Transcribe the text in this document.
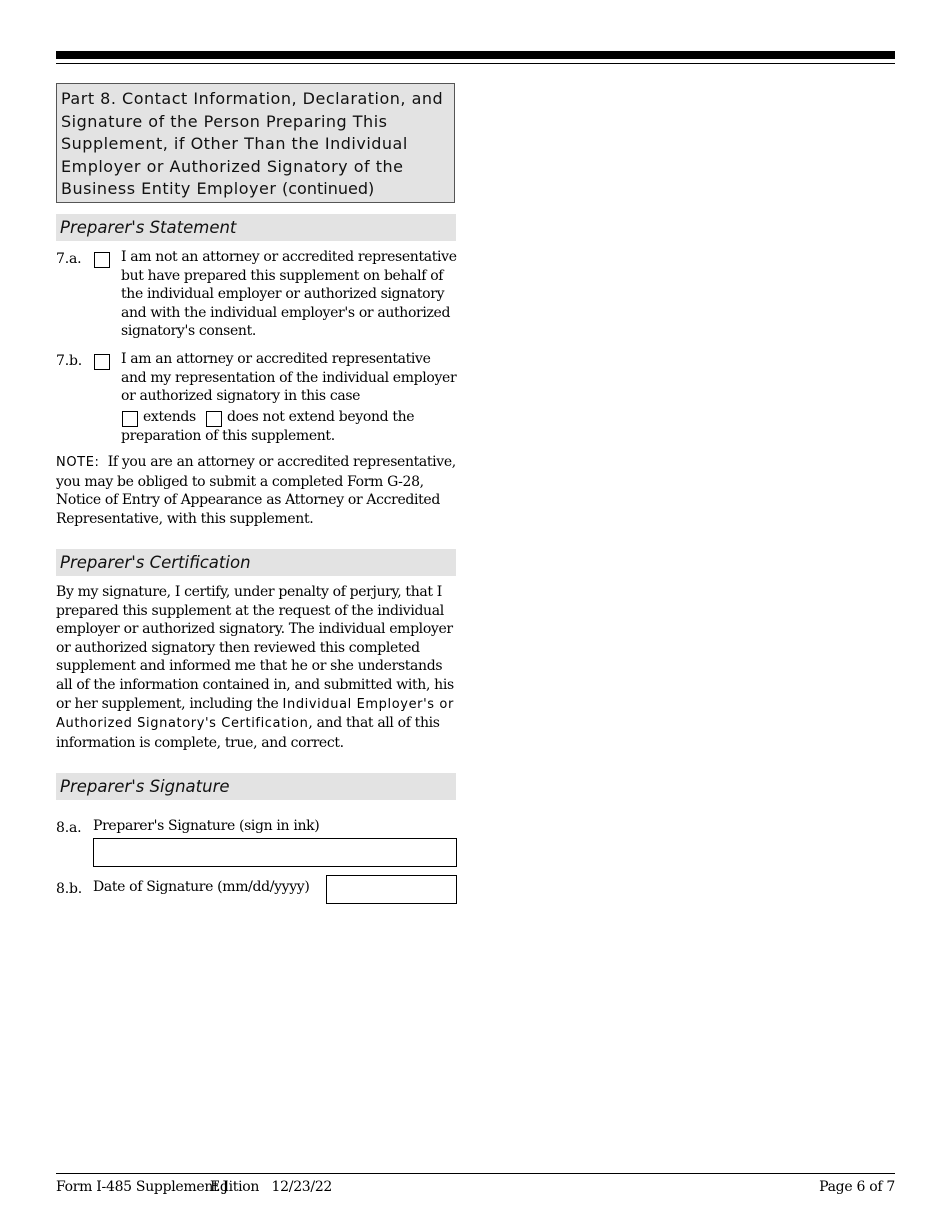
Part 8. Contact Information, Declaration, and Signature of the Person Preparing This Supplement, if Other Than the Individual Employer or Authorized Signatory of the Business Entity Employer (continued)
Preparer's Statement
7.a.	I am not an attorney or accredited representative but have prepared this supplement on behalf of the individual employer or authorized signatory and with the individual employer's or authorized signatory's consent.
7.b.	I am an attorney or accredited representative and my representation of the individual employer or authorized signatory in this case
extends does not extend beyond the
preparation of this supplement.
NOTE: If you are an attorney or accredited representative, you may be obliged to submit a completed Form G-28, Notice of Entry of Appearance as Attorney or Accredited Representative, with this supplement.
Preparer's Certification
By my signature, I certify, under penalty of perjury, that I prepared this supplement at the request of the individual employer or authorized signatory. The individual employer or authorized signatory then reviewed this completed supplement and informed me that he or she understands all of the information contained in, and submitted with, his or her supplement, including the Individual Employer's or
Authorized Signatory's Certification, and that all of this
information is complete, true, and correct.
Preparer's Signature
8.a. Preparer's Signature (sign in ink)
8.b. Date of Signature (mm/dd/yyyy)
Form I-485 Supplement J
Edition   12/23/22	Page 6 of 7
